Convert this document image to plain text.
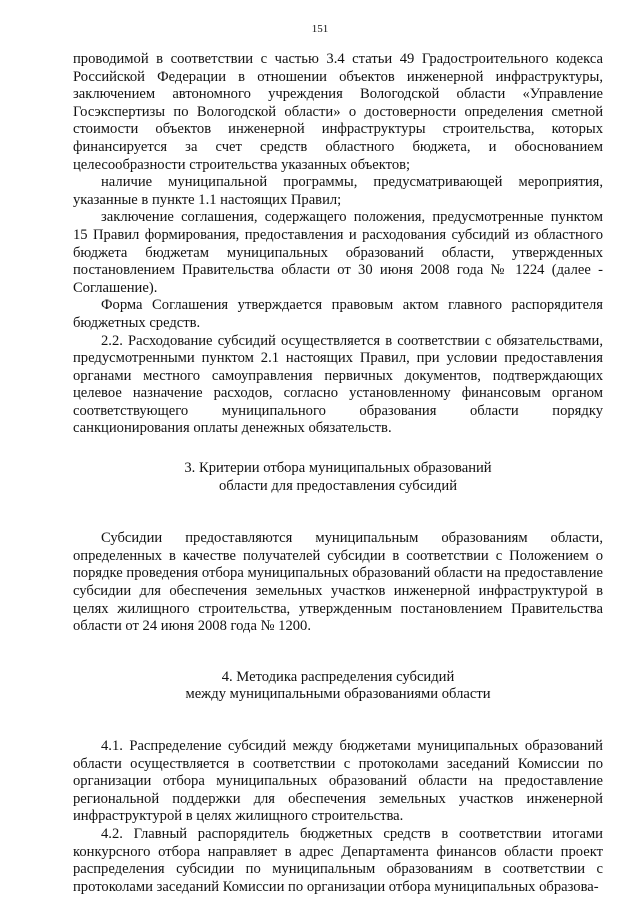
151

проводимой в соответствии с частью 3.4 статьи 49 Градостроительного кодекса Российской Федерации в отношении объектов инженерной инфраструктуры, заключением автономного учреждения Вологодской области «Управление Госэкспертизы по Вологодской области» о достоверности определения сметной стоимости объектов инженерной инфраструктуры строительства, которых финансируется за счет средств областного бюджета, и обоснованием целесообразности строительства указанных объектов;

наличие муниципальной программы, предусматривающей мероприятия, указанные в пункте 1.1 настоящих Правил;

заключение соглашения, содержащего положения, предусмотренные пунктом 15 Правил формирования, предоставления и расходования субсидий из областного бюджета бюджетам муниципальных образований области, утвержденных постановлением Правительства области от 30 июня 2008 года № 1224 (далее - Соглашение).

Форма Соглашения утверждается правовым актом главного распорядителя бюджетных средств.

2.2. Расходование субсидий осуществляется в соответствии с обязательствами, предусмотренными пунктом 2.1 настоящих Правил, при условии предоставления органами местного самоуправления первичных документов, подтверждающих целевое назначение расходов, согласно установленному финансовым органом соответствующего муниципального образования области порядку санкционирования оплаты денежных обязательств.

3. Критерии отбора муниципальных образований
области для предоставления субсидий

Субсидии предоставляются муниципальным образованиям области, определенных в качестве получателей субсидии в соответствии с Положением о порядке проведения отбора муниципальных образований области на предоставление субсидии для обеспечения земельных участков инженерной инфраструктурой в целях жилищного строительства, утвержденным постановлением Правительства области от 24 июня 2008 года № 1200.

4. Методика распределения субсидий
между муниципальными образованиями области

4.1. Распределение субсидий между бюджетами муниципальных образований области осуществляется в соответствии с протоколами заседаний Комиссии по организации отбора муниципальных образований области на предоставление региональной поддержки для обеспечения земельных участков инженерной инфраструктурой в целях жилищного строительства.

4.2. Главный распорядитель бюджетных средств в соответствии итогами конкурсного отбора направляет в адрес Департамента финансов области проект распределения субсидии по муниципальным образованиям в соответствии с протоколами заседаний Комиссии по организации отбора муниципальных образова-
